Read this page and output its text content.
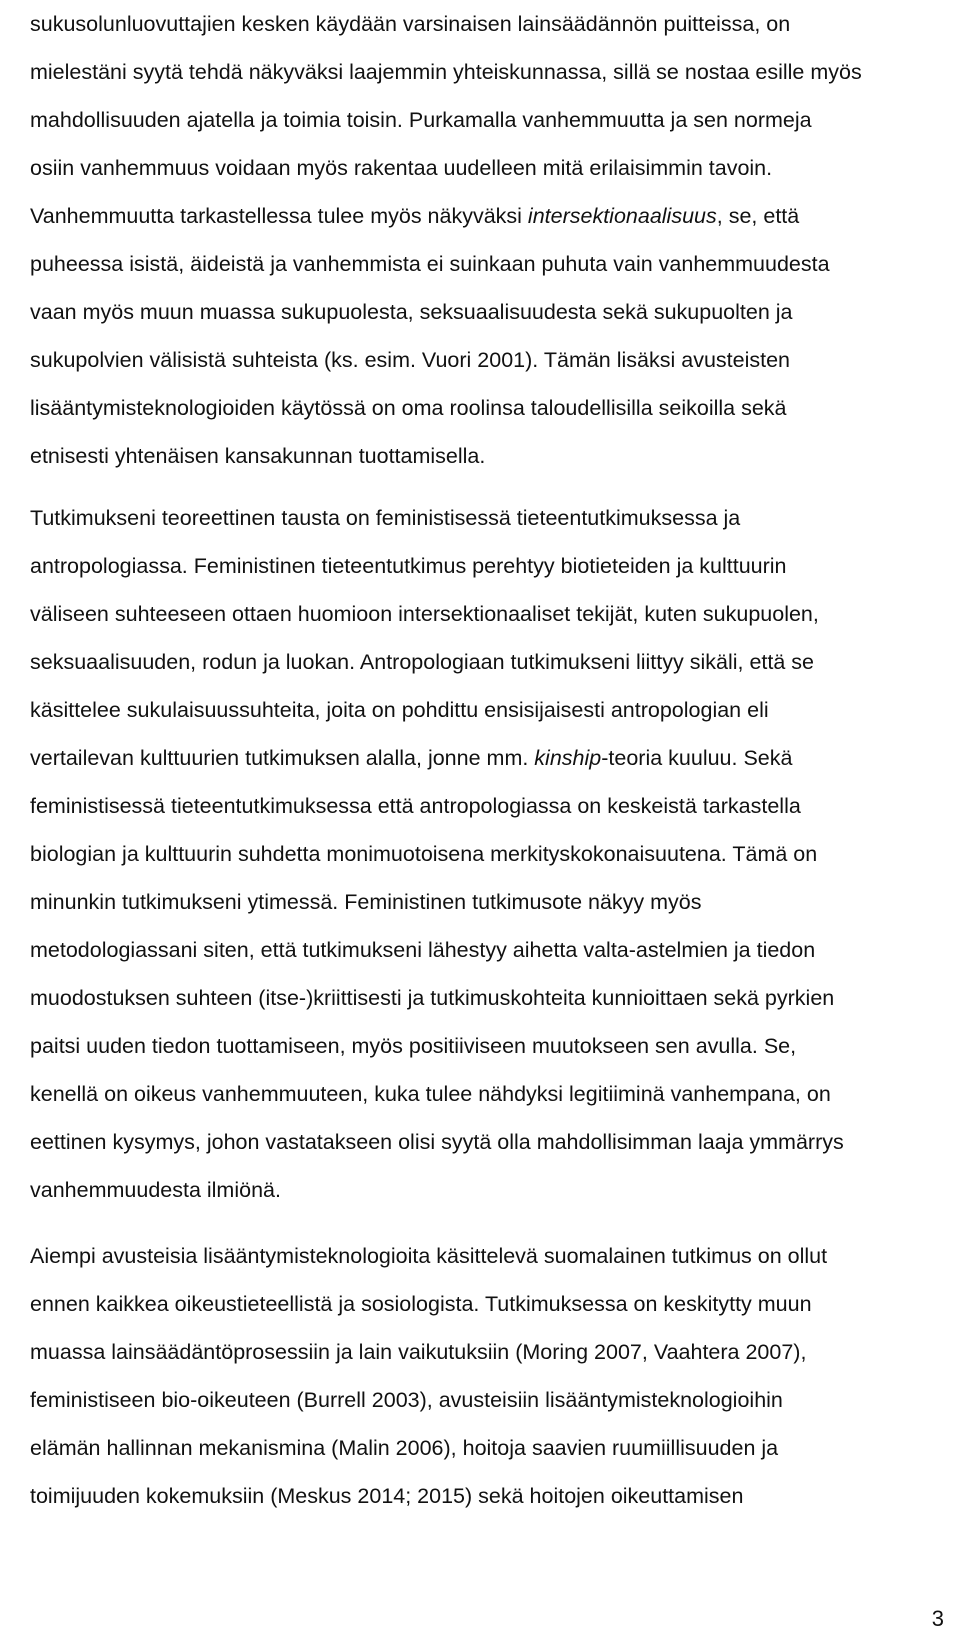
sukusolunluovuttajien kesken käydään varsinaisen lainsäädännön puitteissa, on
mielestäni syytä tehdä näkyväksi laajemmin yhteiskunnassa, sillä se nostaa esille myös
mahdollisuuden ajatella ja toimia toisin. Purkamalla vanhemmuutta ja sen normeja
osiin vanhemmuus voidaan myös rakentaa uudelleen mitä erilaisimmin tavoin.
Vanhemmuutta tarkastellessa tulee myös näkyväksi intersektionaalisuus, se, että
puheessa isistä, äideistä ja vanhemmista ei suinkaan puhuta vain vanhemmuudesta
vaan myös muun muassa sukupuolesta, seksuaalisuudesta sekä sukupuolten ja
sukupolvien välisistä suhteista (ks. esim. Vuori 2001). Tämän lisäksi avusteisten
lisääntymisteknologioiden käytössä on oma roolinsa taloudellisilla seikoilla sekä
etnisesti yhtenäisen kansakunnan tuottamisella.
Tutkimukseni teoreettinen tausta on feministisessä tieteentutkimuksessa ja
antropologiassa. Feministinen tieteentutkimus perehtyy biotieteiden ja kulttuurin
väliseen suhteeseen ottaen huomioon intersektionaaliset tekijät, kuten sukupuolen,
seksuaalisuuden, rodun ja luokan. Antropologiaan tutkimukseni liittyy sikäli, että se
käsittelee sukulaisuussuhteita, joita on pohdittu ensisijaisesti antropologian eli
vertailevan kulttuurien tutkimuksen alalla, jonne mm. kinship-teoria kuuluu. Sekä
feministisessä tieteentutkimuksessa että antropologiassa on keskeistä tarkastella
biologian ja kulttuurin suhdetta monimuotoisena merkityskokonaisuutena. Tämä on
minunkin tutkimukseni ytimessä. Feministinen tutkimusote näkyy myös
metodologiassani siten, että tutkimukseni lähestyy aihetta valta-astelmien ja tiedon
muodostuksen suhteen (itse-)kriittisesti ja tutkimuskohteita kunnioittaen sekä pyrkien
paitsi uuden tiedon tuottamiseen, myös positiiviseen muutokseen sen avulla. Se,
kenellä on oikeus vanhemmuuteen, kuka tulee nähdyksi legitiiminä vanhempana, on
eettinen kysymys, johon vastatakseen olisi syytä olla mahdollisimman laaja ymmärrys
vanhemmuudesta ilmiönä.
Aiempi avusteisia lisääntymisteknologioita käsittelevä suomalainen tutkimus on ollut
ennen kaikkea oikeustieteellistä ja sosiologista. Tutkimuksessa on keskitytty muun
muassa lainsäädäntöprosessiin ja lain vaikutuksiin (Moring 2007, Vaahtera 2007),
feministiseen bio-oikeuteen (Burrell 2003), avusteisiin lisääntymisteknologioihin
elämän hallinnan mekanismina (Malin 2006), hoitoja saavien ruumiillisuuden ja
toimijuuden kokemuksiin (Meskus 2014; 2015) sekä hoitojen oikeuttamisen
3
